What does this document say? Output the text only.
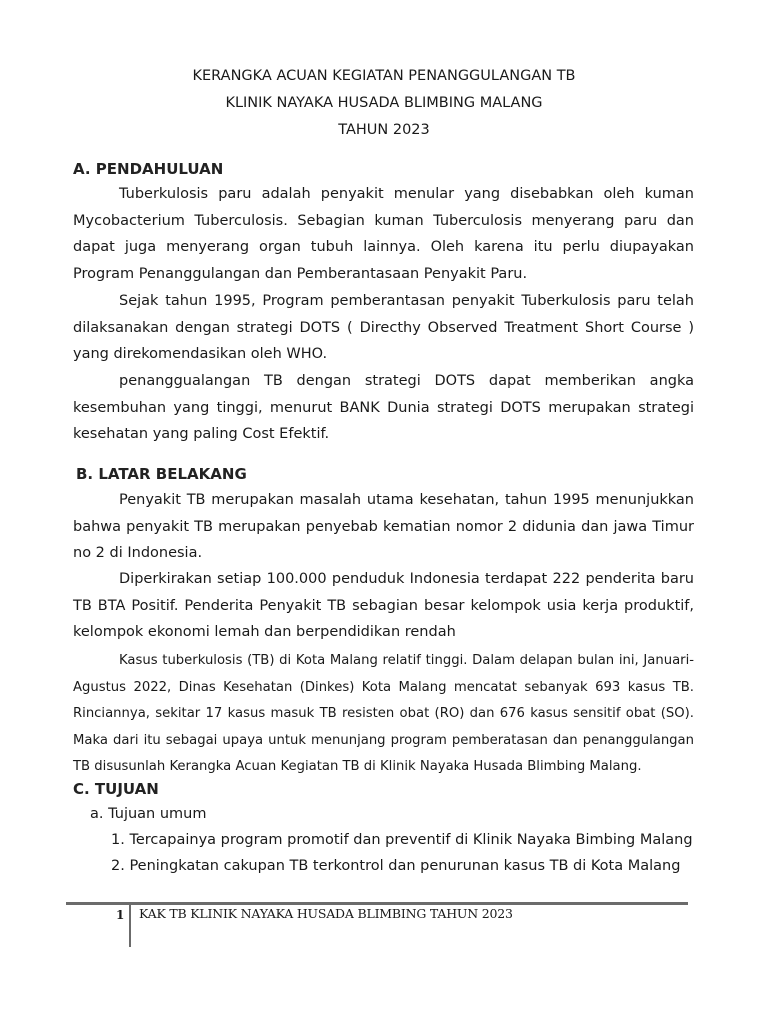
KERANGKA ACUAN KEGIATAN PENANGGULANGAN TB
KLINIK NAYAKA HUSADA BLIMBING MALANG
TAHUN 2023
A. PENDAHULUAN

Tuberkulosis paru adalah penyakit menular yang disebabkan oleh kuman Mycobacterium Tuberculosis. Sebagian kuman Tuberculosis menyerang paru dan dapat juga menyerang organ tubuh lainnya. Oleh karena itu perlu diupayakan Program Penanggulangan dan Pemberantasaan Penyakit Paru.

Sejak tahun 1995, Program pemberantasan penyakit Tuberkulosis paru telah dilaksanakan dengan strategi DOTS ( Directhy Observed Treatment Short Course ) yang direkomendasikan oleh WHO.

penanggualangan TB dengan strategi DOTS dapat memberikan angka kesembuhan yang tinggi, menurut BANK Dunia strategi DOTS merupakan strategi kesehatan yang paling Cost Efektif.

B. LATAR BELAKANG

Penyakit TB merupakan masalah utama kesehatan, tahun 1995 menunjukkan bahwa penyakit TB merupakan penyebab kematian nomor 2 didunia dan jawa Timur no 2 di Indonesia.

Diperkirakan setiap 100.000 penduduk Indonesia terdapat 222 penderita baru TB BTA Positif. Penderita Penyakit TB sebagian besar kelompok usia kerja produktif, kelompok ekonomi lemah dan berpendidikan rendah

Kasus tuberkulosis (TB) di Kota Malang relatif tinggi. Dalam delapan bulan ini, Januari-Agustus 2022, Dinas Kesehatan (Dinkes) Kota Malang mencatat sebanyak 693 kasus TB. Rinciannya, sekitar 17 kasus masuk TB resisten obat (RO) dan 676 kasus sensitif obat (SO). Maka dari itu sebagai upaya untuk menunjang program pemberatasan dan penanggulangan TB disusunlah Kerangka Acuan Kegiatan TB di Klinik Nayaka Husada Blimbing Malang.

C. TUJUAN
a. Tujuan umum
1. Tercapainya program promotif dan preventif di Klinik Nayaka Bimbing Malang
2. Peningkatan cakupan TB terkontrol dan penurunan kasus TB di Kota Malang
1 KAK TB KLINIK NAYAKA HUSADA BLIMBING TAHUN 2023
